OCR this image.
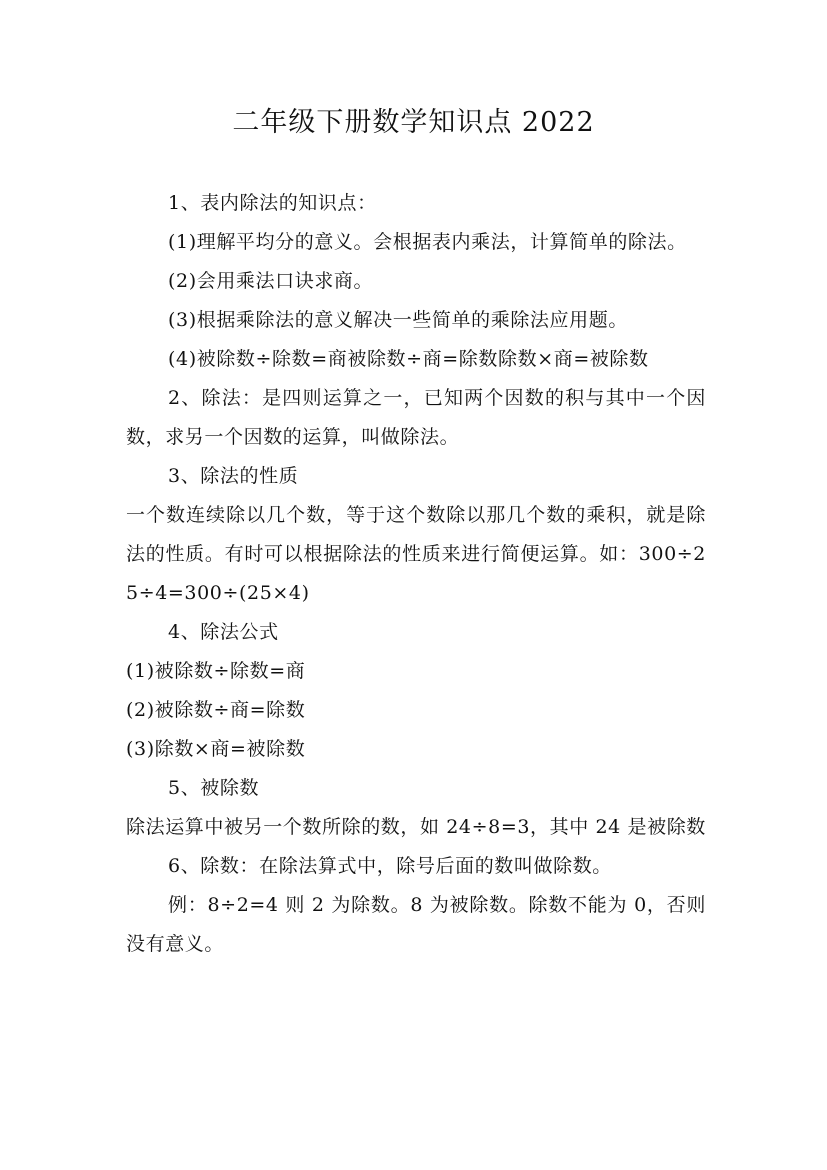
二年级下册数学知识点 2022

1、表内除法的知识点：

(1)理解平均分的意义。会根据表内乘法，计算简单的除法。

(2)会用乘法口诀求商。

(3)根据乘除法的意义解决一些简单的乘除法应用题。

(4)被除数÷除数=商被除数÷商=除数除数×商=被除数

2、除法：是四则运算之一，已知两个因数的积与其中一个因数，求另一个因数的运算，叫做除法。

3、除法的性质

一个数连续除以几个数，等于这个数除以那几个数的乘积，就是除法的性质。有时可以根据除法的性质来进行简便运算。如：300÷25÷4=300÷(25×4)

4、除法公式

(1)被除数÷除数=商

(2)被除数÷商=除数

(3)除数×商=被除数

5、被除数

除法运算中被另一个数所除的数，如 24÷8=3，其中 24 是被除数

6、除数：在除法算式中，除号后面的数叫做除数。

例：8÷2=4 则 2 为除数。8 为被除数。除数不能为 0，否则没有意义。
